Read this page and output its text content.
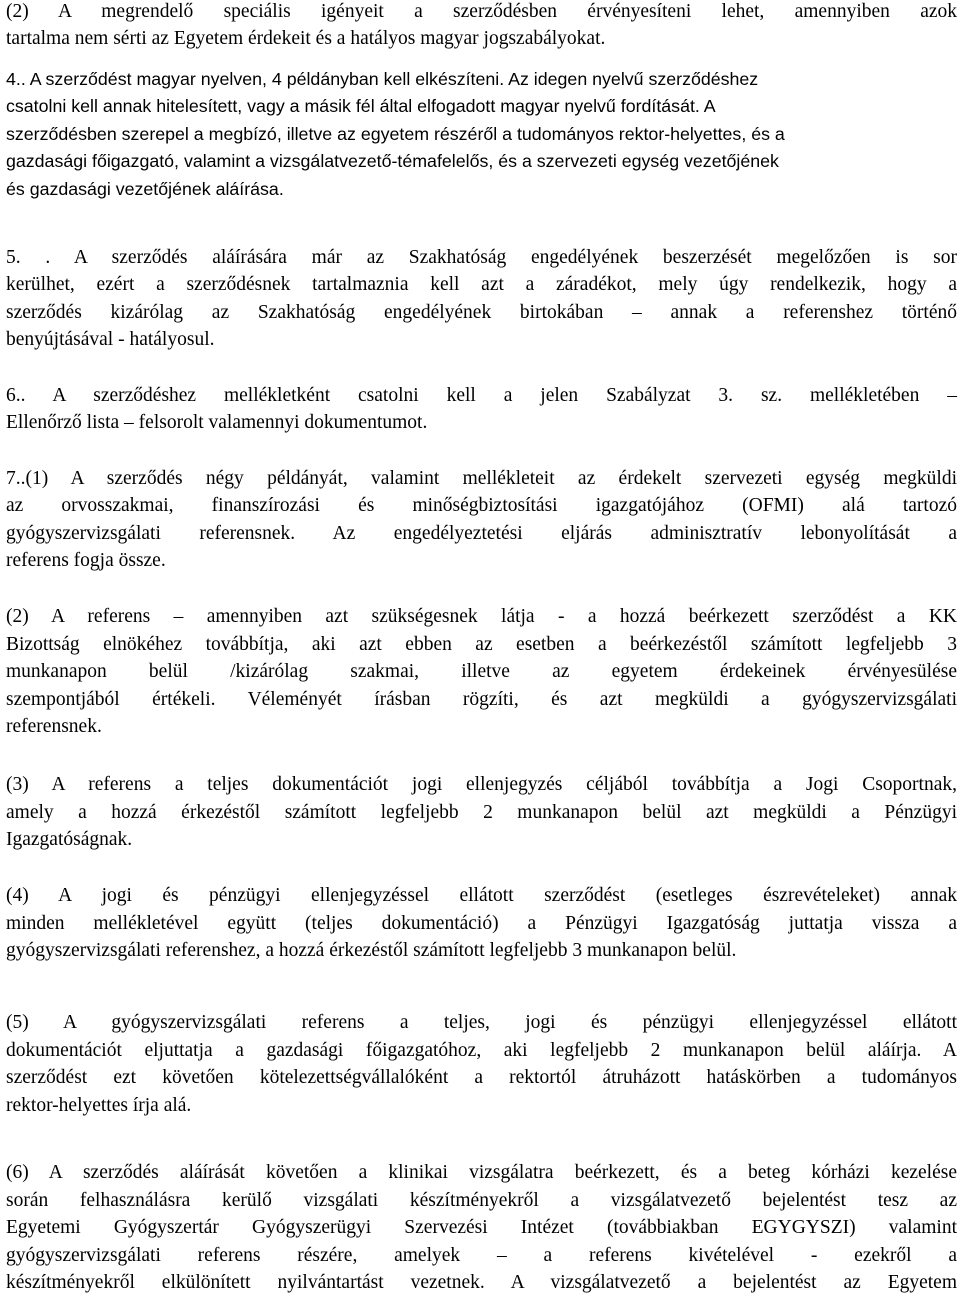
(2) A megrendelő speciális igényeit a szerződésben érvényesíteni lehet, amennyiben azok
tartalma nem sérti az Egyetem érdekeit és a hatályos magyar jogszabályokat.
4.. A szerződést magyar nyelven, 4 példányban kell elkészíteni. Az idegen nyelvű szerződéshez
csatolni kell annak hitelesített, vagy a másik fél által elfogadott magyar nyelvű fordítását. A
szerződésben szerepel a megbízó, illetve az egyetem részéről a tudományos rektor-helyettes, és a
gazdasági főigazgató, valamint a vizsgálatvezető-témafelelős, és a szervezeti egység vezetőjének
és gazdasági vezetőjének aláírása.
5. . A szerződés aláírására már az Szakhatóság engedélyének beszerzését megelőzően is sor
kerülhet, ezért a szerződésnek tartalmaznia kell azt a záradékot, mely úgy rendelkezik, hogy a
szerződés kizárólag az Szakhatóság engedélyének birtokában – annak a referenshez történő
benyújtásával - hatályosul.
6.. A szerződéshez mellékletként csatolni kell a jelen Szabályzat 3. sz. mellékletében –
Ellenőrző lista – felsorolt valamennyi dokumentumot.
7..(1) A szerződés négy példányát, valamint mellékleteit az érdekelt szervezeti egység megküldi
az orvosszakmai, finanszírozási és minőségbiztosítási igazgatójához (OFMI) alá tartozó
gyógyszervizsgálati referensnek. Az engedélyeztetési eljárás adminisztratív lebonyolítását a
referens fogja össze.
(2) A referens – amennyiben azt szükségesnek látja - a hozzá beérkezett szerződést a KK
Bizottság elnökéhez továbbítja, aki azt ebben az esetben a beérkezéstől számított legfeljebb 3
munkanapon belül /kizárólag szakmai, illetve az egyetem érdekeinek érvényesülése
szempontjából értékeli. Véleményét írásban rögzíti, és azt megküldi a gyógyszervizsgálati
referensnek.
(3) A referens a teljes dokumentációt jogi ellenjegyzés céljából továbbítja a Jogi Csoportnak,
amely a hozzá érkezéstől számított legfeljebb 2 munkanapon belül azt megküldi a Pénzügyi
Igazgatóságnak.
(4) A jogi és pénzügyi ellenjegyzéssel ellátott szerződést (esetleges észrevételeket) annak
minden mellékletével együtt (teljes dokumentáció) a Pénzügyi Igazgatóság juttatja vissza a
gyógyszervizsgálati referenshez, a hozzá érkezéstől számított legfeljebb 3 munkanapon belül.
(5) A gyógyszervizsgálati referens a teljes, jogi és pénzügyi ellenjegyzéssel ellátott
dokumentációt eljuttatja a gazdasági főigazgatóhoz, aki legfeljebb 2 munkanapon belül aláírja. A
szerződést ezt követően kötelezettségvállalóként a rektortól átruházott hatáskörben a tudományos
rektor-helyettes írja alá.
(6) A szerződés aláírását követően a klinikai vizsgálatra beérkezett, és a beteg kórházi kezelése
során felhasználásra kerülő vizsgálati készítményekről a vizsgálatvezető bejelentést tesz az
Egyetemi Gyógyszertár Gyógyszerügyi Szervezési Intézet (továbbiakban EGYGYSZI) valamint
gyógyszervizsgálati referens részére, amelyek – a referens kivételével - ezekről a
készítményekről elkülönített nyilvántartást vezetnek. A vizsgálatvezető a bejelentést az Egyetem
